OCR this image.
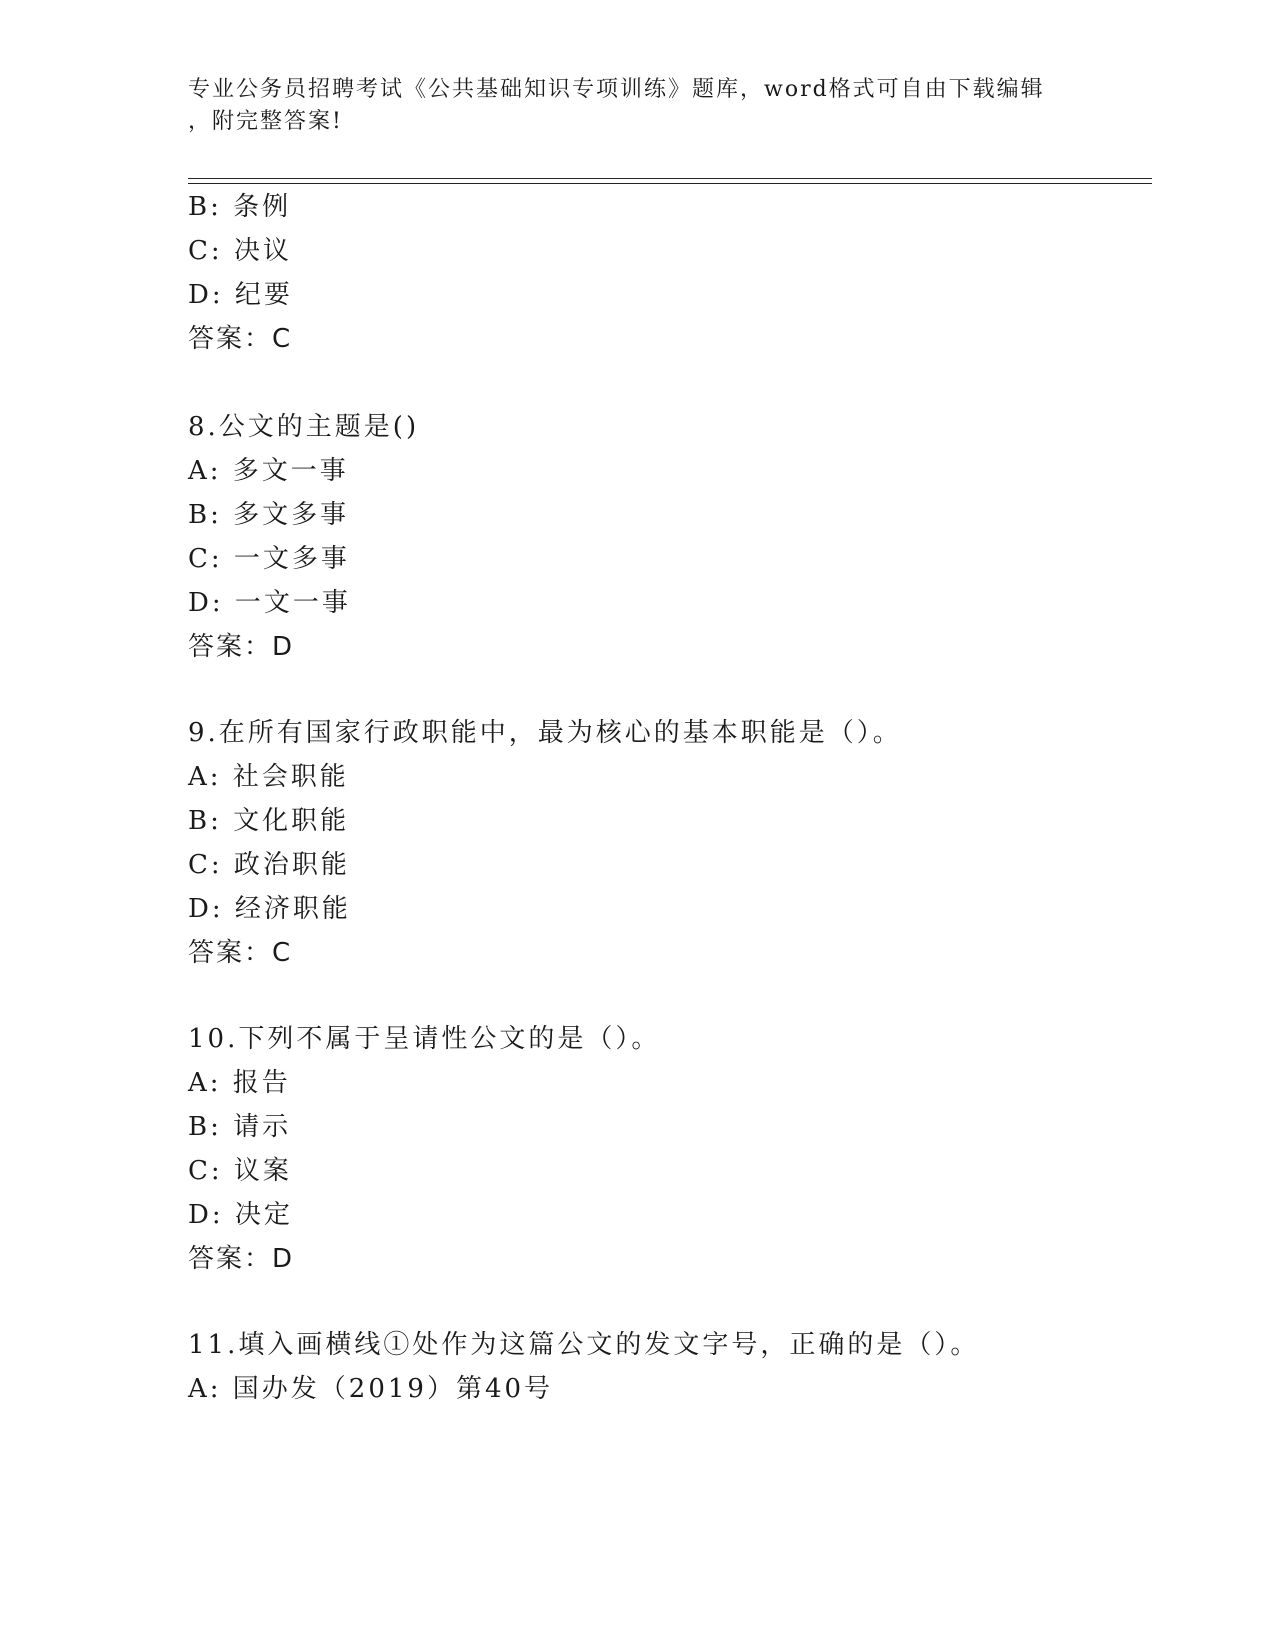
专业公务员招聘考试《公共基础知识专项训练》题库，word格式可自由下载编辑
，附完整答案!
B: 条例
C: 决议
D: 纪要
答案：C
8.公文的主题是()
A: 多文一事
B: 多文多事
C: 一文多事
D: 一文一事
答案：D
9.在所有国家行政职能中，最为核心的基本职能是（）。
A: 社会职能
B: 文化职能
C: 政治职能
D: 经济职能
答案：C
10.下列不属于呈请性公文的是（）。
A: 报告
B: 请示
C: 议案
D: 决定
答案：D
11.填入画横线①处作为这篇公文的发文字号，正确的是（）。
A: 国办发（2019）第40号
